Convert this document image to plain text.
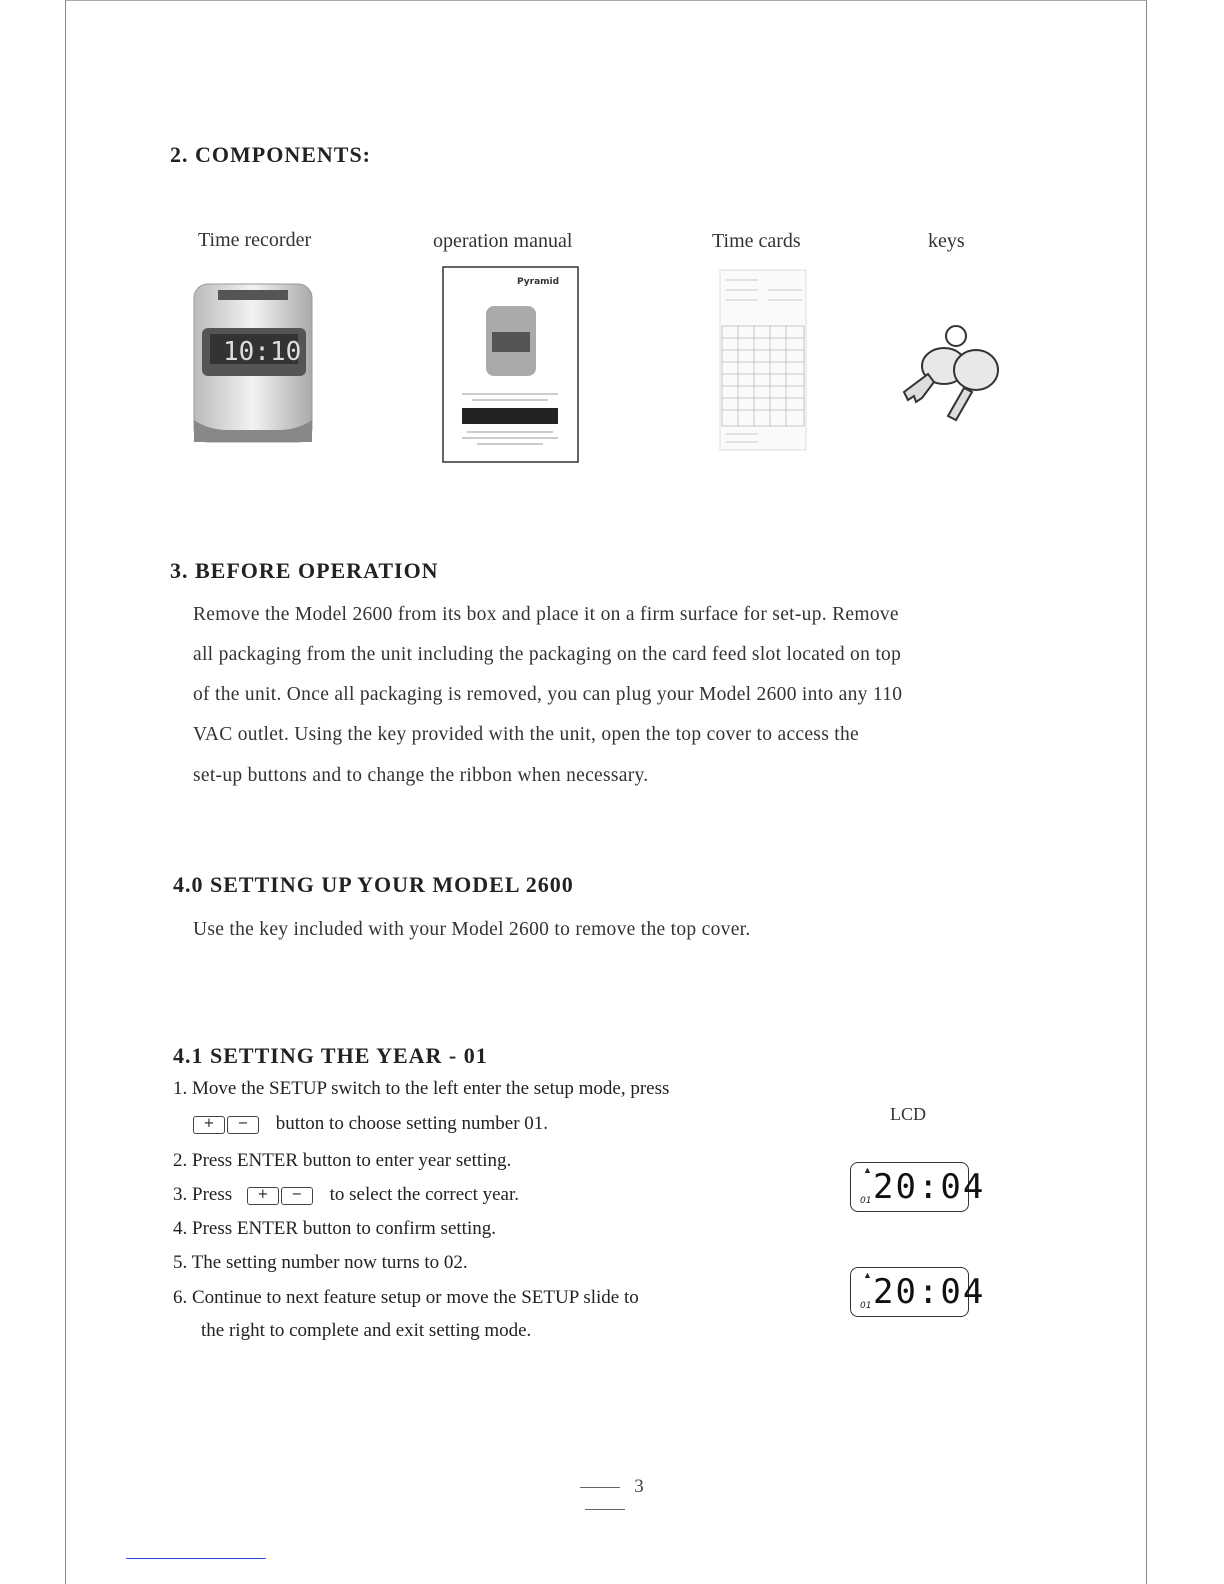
2. COMPONENTS:
Time recorder	operation manual	Time cards	keys
10:10
Pyramid
3. BEFORE OPERATION
Remove the Model 2600 from its box and place it on a firm surface for set-up. Remove
all packaging from the unit including the packaging on the card feed slot located on top
of the unit. Once all packaging is removed, you can plug your Model 2600 into any 110
VAC outlet. Using the key provided with the unit, open the top cover to access the
set-up buttons and to change the ribbon when necessary.
4.0 SETTING UP YOUR MODEL 2600
Use the key included with your Model 2600 to remove the top cover.
4.1 SETTING THE YEAR - 01
1. Move the SETUP switch to the left enter the setup mode, press
+ − button to choose setting number 01.
2. Press ENTER button to enter year setting.
3. Press + − to select the correct year.
4. Press ENTER button to confirm setting.
5. The setting number now turns to 02.
6. Continue to next feature setup or move the SETUP slide to
the right to complete and exit setting mode.
LCD
▲ 20:04
01
▲ 20:04
01
3
